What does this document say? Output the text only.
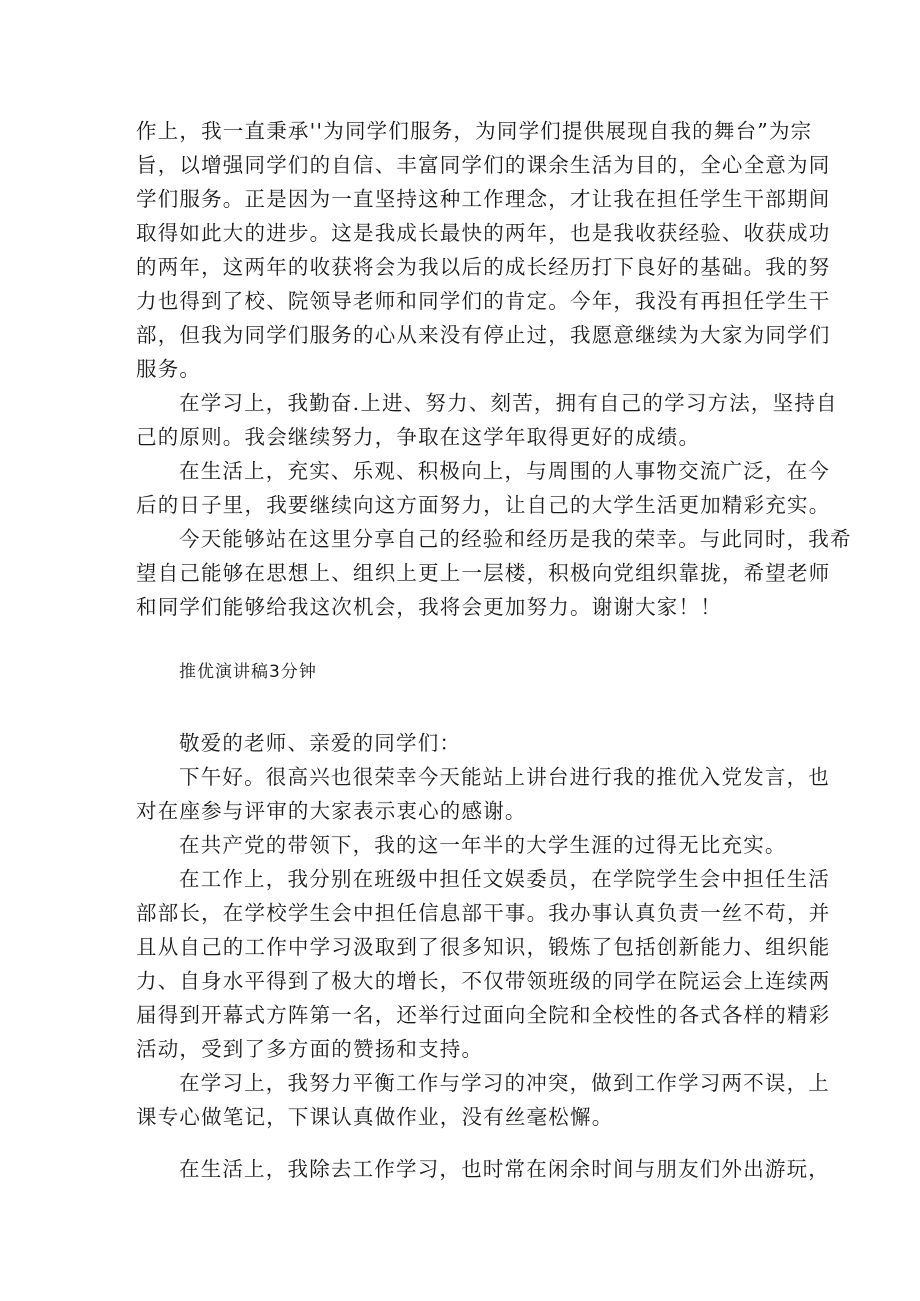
作上，我一直秉承''为同学们服务，为同学们提供展现自我的舞台”为宗
旨，以增强同学们的自信、丰富同学们的课余生活为目的，全心全意为同
学们服务。正是因为一直坚持这种工作理念，才让我在担任学生干部期间
取得如此大的进步。这是我成长最快的两年，也是我收获经验、收获成功
的两年，这两年的收获将会为我以后的成长经历打下良好的基础。我的努
力也得到了校、院领导老师和同学们的肯定。今年，我没有再担任学生干
部，但我为同学们服务的心从来没有停止过，我愿意继续为大家为同学们
服务。
在学习上，我勤奋.上进、努力、刻苦，拥有自己的学习方法，坚持自
己的原则。我会继续努力，争取在这学年取得更好的成绩。
在生活上，充实、乐观、积极向上，与周围的人事物交流广泛，在今
后的日子里，我要继续向这方面努力，让自己的大学生活更加精彩充实。
今天能够站在这里分享自己的经验和经历是我的荣幸。与此同时，我希
望自己能够在思想上、组织上更上一层楼，积极向党组织靠拢，希望老师
和同学们能够给我这次机会，我将会更加努力。谢谢大家！！
推优演讲稿3分钟
敬爱的老师、亲爱的同学们：
下午好。很高兴也很荣幸今天能站上讲台进行我的推优入党发言，也
对在座参与评审的大家表示衷心的感谢。
在共产党的带领下，我的这一年半的大学生涯的过得无比充实。
在工作上，我分别在班级中担任文娱委员，在学院学生会中担任生活
部部长，在学校学生会中担任信息部干事。我办事认真负责一丝不苟，并
且从自己的工作中学习汲取到了很多知识，锻炼了包括创新能力、组织能
力、自身水平得到了极大的增长，不仅带领班级的同学在院运会上连续两
届得到开幕式方阵第一名，还举行过面向全院和全校性的各式各样的精彩
活动，受到了多方面的赞扬和支持。
在学习上，我努力平衡工作与学习的冲突，做到工作学习两不误，上
课专心做笔记，下课认真做作业，没有丝毫松懈。
在生活上，我除去工作学习，也时常在闲余时间与朋友们外出游玩，
